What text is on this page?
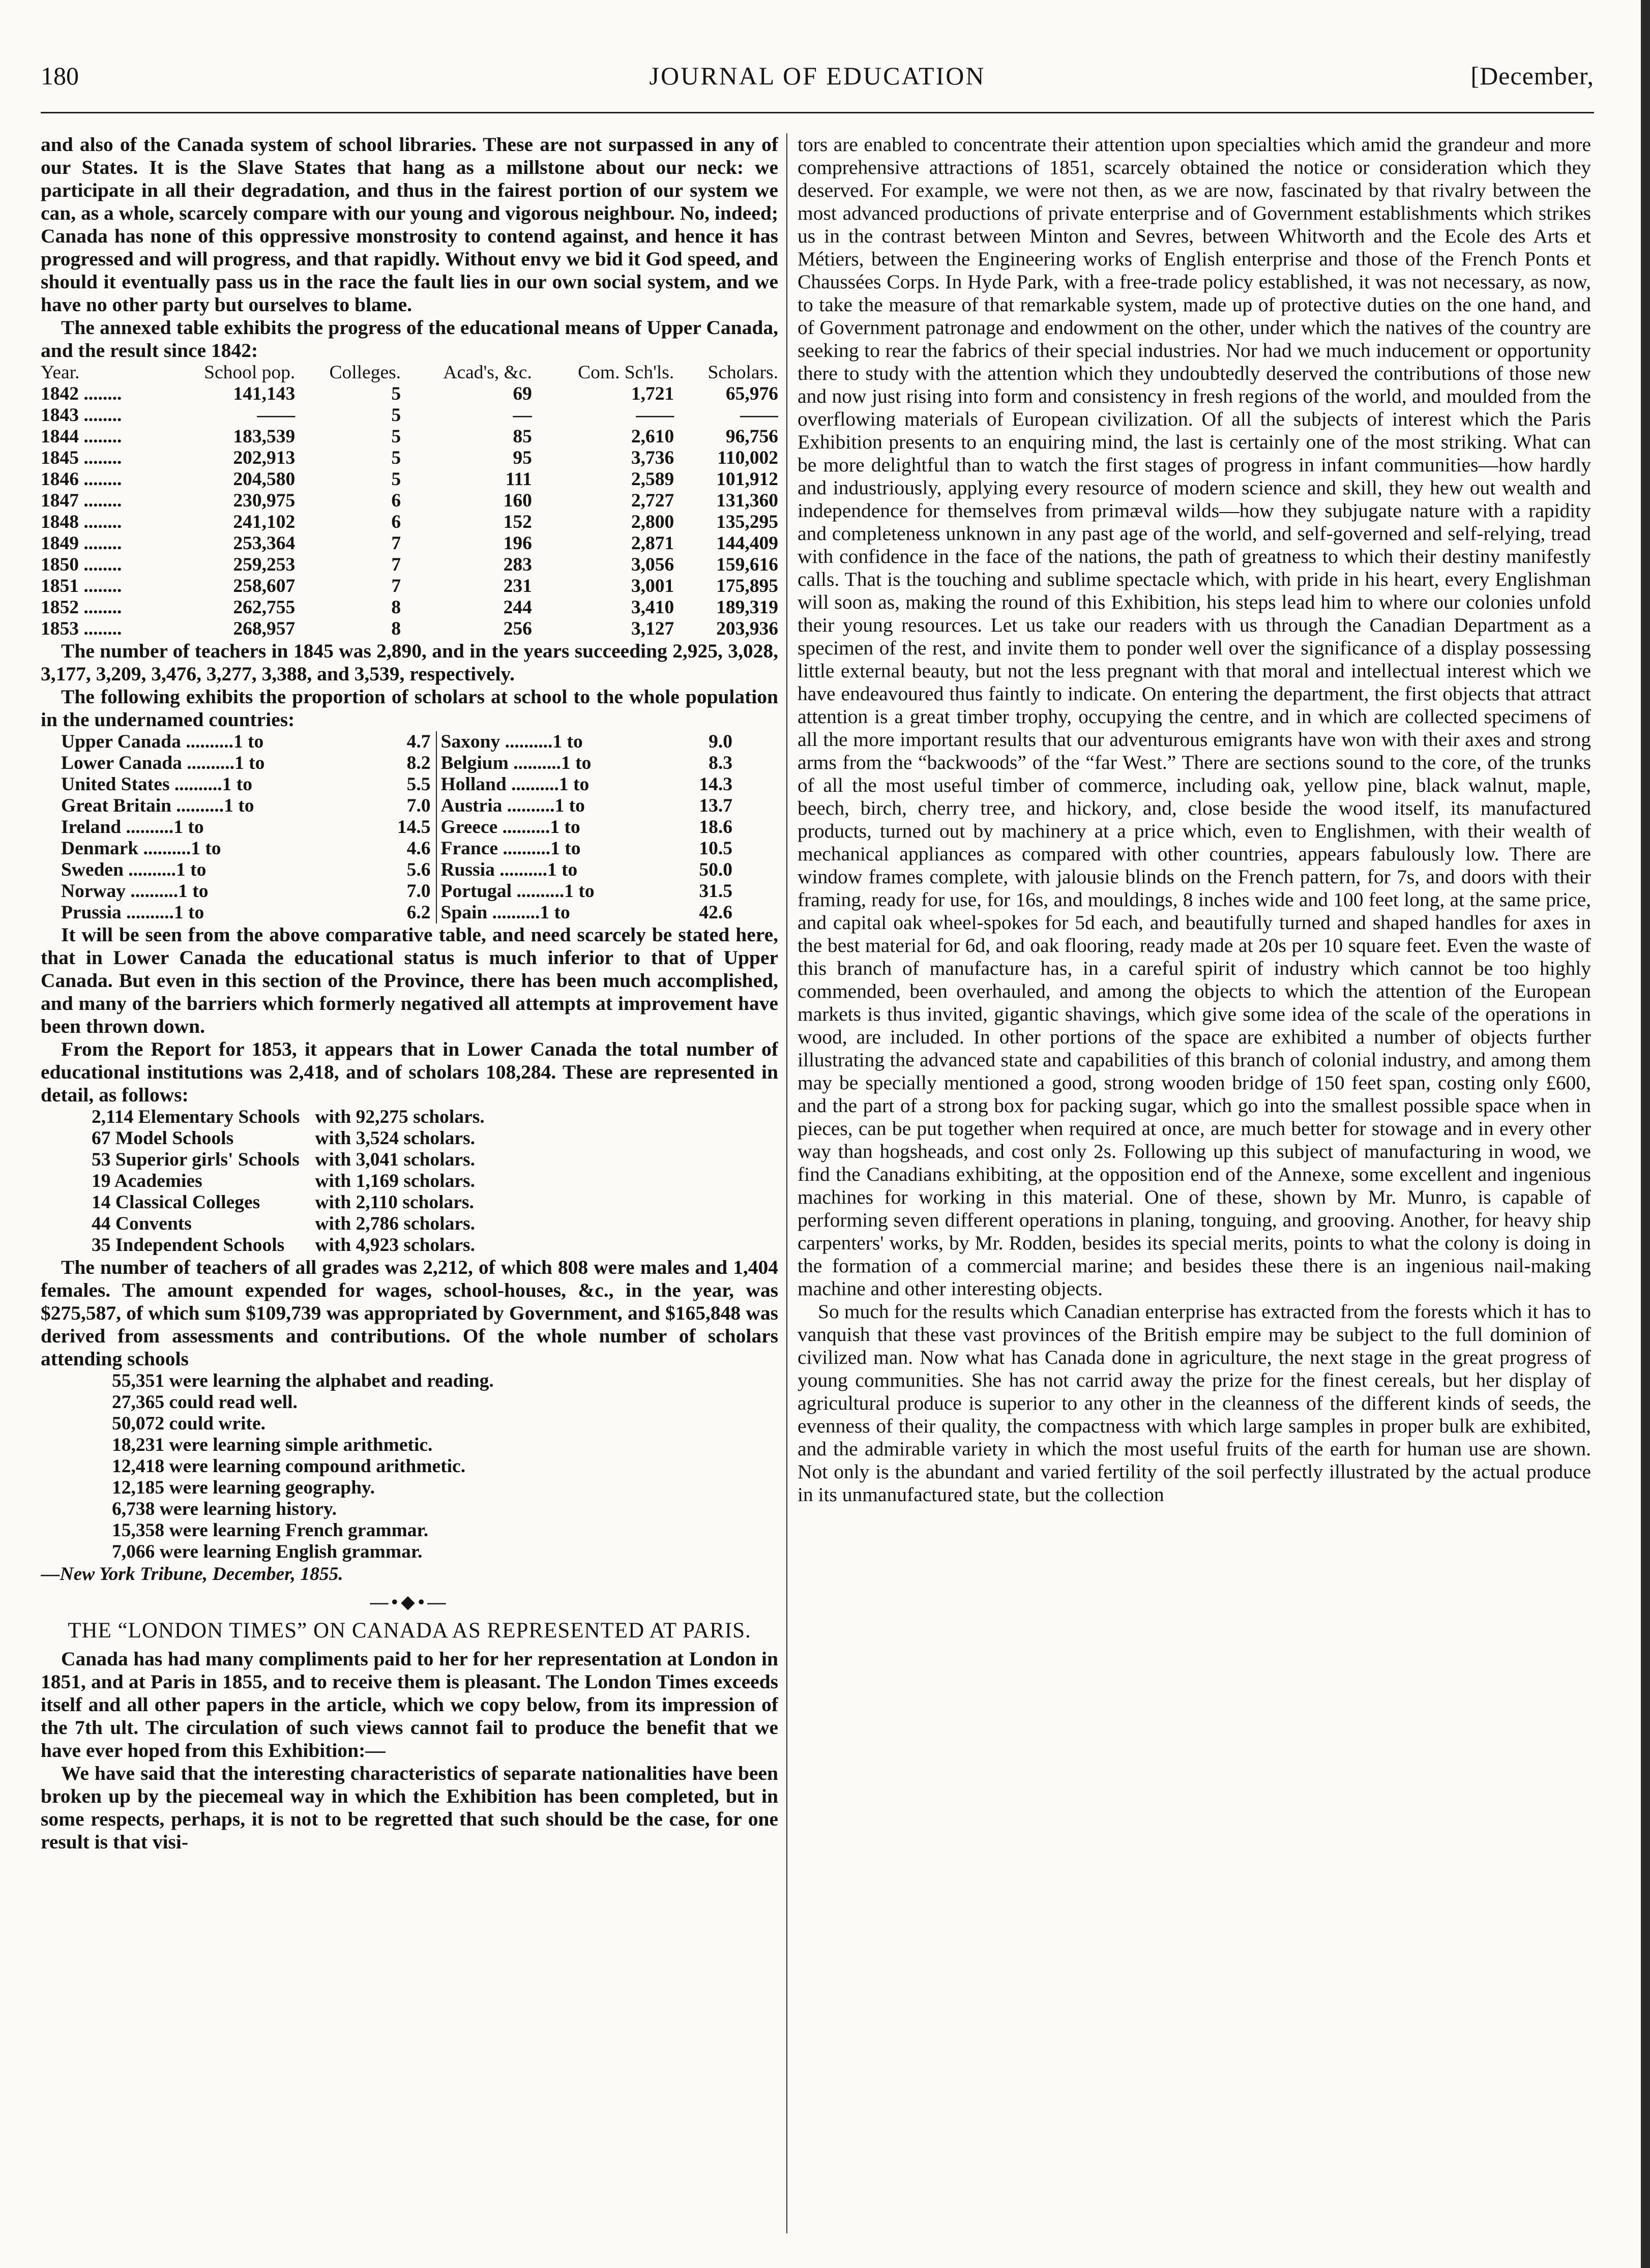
180	JOURNAL OF EDUCATION	[December,

and also of the Canada system of school libraries. These are not surpassed in any of our States. It is the Slave States that hang as a millstone about our neck: we participate in all their degradation, and thus in the fairest portion of our system we can, as a whole, scarcely compare with our young and vigorous neighbour. No, indeed; Canada has none of this oppressive monstrosity to contend against, and hence it has progressed and will progress, and that rapidly. Without envy we bid it God speed, and should it eventually pass us in the race the fault lies in our own social system, and we have no other party but ourselves to blame.

The annexed table exhibits the progress of the educational means of Upper Canada, and the result since 1842:

Year.	School pop.	Colleges.	Acad's, &c.	Com. Sch'ls.	Scholars.
1842 ........	141,143	5	69	1,721	65,976
1843 ........	——	5	—	——	——
1844 ........	183,539	5	85	2,610	96,756
1845 ........	202,913	5	95	3,736	110,002
1846 ........	204,580	5	111	2,589	101,912
1847 ........	230,975	6	160	2,727	131,360
1848 ........	241,102	6	152	2,800	135,295
1849 ........	253,364	7	196	2,871	144,409
1850 ........	259,253	7	283	3,056	159,616
1851 ........	258,607	7	231	3,001	175,895
1852 ........	262,755	8	244	3,410	189,319
1853 ........	268,957	8	256	3,127	203,936

The number of teachers in 1845 was 2,890, and in the years succeeding 2,925, 3,028, 3,177, 3,209, 3,476, 3,277, 3,388, and 3,539, respectively.

The following exhibits the proportion of scholars at school to the whole population in the undernamed countries:

Upper Canada ..........1 to	4.7	Saxony ..........1 to	9.0
Lower Canada ..........1 to	8.2	Belgium ..........1 to	8.3
United States ..........1 to	5.5	Holland ..........1 to	14.3
Great Britain ..........1 to	7.0	Austria ..........1 to	13.7
Ireland ..........1 to	14.5	Greece ..........1 to	18.6
Denmark ..........1 to	4.6	France ..........1 to	10.5
Sweden ..........1 to	5.6	Russia ..........1 to	50.0
Norway ..........1 to	7.0	Portugal ..........1 to	31.5
Prussia ..........1 to	6.2	Spain ..........1 to	42.6

It will be seen from the above comparative table, and need scarcely be stated here, that in Lower Canada the educational status is much inferior to that of Upper Canada. But even in this section of the Province, there has been much accomplished, and many of the barriers which formerly negatived all attempts at improvement have been thrown down.

From the Report for 1853, it appears that in Lower Canada the total number of educational institutions was 2,418, and of scholars 108,284. These are represented in detail, as follows:

2,114 Elementary Schools	with 92,275 scholars.
67 Model Schools	with 3,524 scholars.
53 Superior girls' Schools	with 3,041 scholars.
19 Academies	with 1,169 scholars.
14 Classical Colleges	with 2,110 scholars.
44 Convents	with 2,786 scholars.
35 Independent Schools	with 4,923 scholars.

The number of teachers of all grades was 2,212, of which 808 were males and 1,404 females. The amount expended for wages, school-houses, &c., in the year, was $275,587, of which sum $109,739 was appropriated by Government, and $165,848 was derived from assessments and contributions. Of the whole number of scholars attending schools

55,351 were learning the alphabet and reading.
27,365 could read well.
50,072 could write.
18,231 were learning simple arithmetic.
12,418 were learning compound arithmetic.
12,185 were learning geography.
6,738 were learning history.
15,358 were learning French grammar.
7,066 were learning English grammar.

—New York Tribune, December, 1855.

—•◆•—
THE “LONDON TIMES” ON CANADA AS REPRESENTED AT PARIS.

Canada has had many compliments paid to her for her representation at London in 1851, and at Paris in 1855, and to receive them is pleasant. The London Times exceeds itself and all other papers in the article, which we copy below, from its impression of the 7th ult. The circulation of such views cannot fail to produce the benefit that we have ever hoped from this Exhibition:—

We have said that the interesting characteristics of separate nationalities have been broken up by the piecemeal way in which the Exhibition has been completed, but in some respects, perhaps, it is not to be regretted that such should be the case, for one result is that visi-

tors are enabled to concentrate their attention upon specialties which amid the grandeur and more comprehensive attractions of 1851, scarcely obtained the notice or consideration which they deserved. For example, we were not then, as we are now, fascinated by that rivalry between the most advanced productions of private enterprise and of Government establishments which strikes us in the contrast between Minton and Sevres, between Whitworth and the Ecole des Arts et Métiers, between the Engineering works of English enterprise and those of the French Ponts et Chaussées Corps. In Hyde Park, with a free-trade policy established, it was not necessary, as now, to take the measure of that remarkable system, made up of protective duties on the one hand, and of Government patronage and endowment on the other, under which the natives of the country are seeking to rear the fabrics of their special industries. Nor had we much inducement or opportunity there to study with the attention which they undoubtedly deserved the contributions of those new and now just rising into form and consistency in fresh regions of the world, and moulded from the overflowing materials of European civilization. Of all the subjects of interest which the Paris Exhibition presents to an enquiring mind, the last is certainly one of the most striking. What can be more delightful than to watch the first stages of progress in infant communities—how hardly and industriously, applying every resource of modern science and skill, they hew out wealth and independence for themselves from primæval wilds—how they subjugate nature with a rapidity and completeness unknown in any past age of the world, and self-governed and self-relying, tread with confidence in the face of the nations, the path of greatness to which their destiny manifestly calls. That is the touching and sublime spectacle which, with pride in his heart, every Englishman will soon as, making the round of this Exhibition, his steps lead him to where our colonies unfold their young resources. Let us take our readers with us through the Canadian Department as a specimen of the rest, and invite them to ponder well over the significance of a display possessing little external beauty, but not the less pregnant with that moral and intellectual interest which we have endeavoured thus faintly to indicate. On entering the department, the first objects that attract attention is a great timber trophy, occupying the centre, and in which are collected specimens of all the more important results that our adventurous emigrants have won with their axes and strong arms from the “backwoods” of the “far West.” There are sections sound to the core, of the trunks of all the most useful timber of commerce, including oak, yellow pine, black walnut, maple, beech, birch, cherry tree, and hickory, and, close beside the wood itself, its manufactured products, turned out by machinery at a price which, even to Englishmen, with their wealth of mechanical appliances as compared with other countries, appears fabulously low. There are window frames complete, with jalousie blinds on the French pattern, for 7s, and doors with their framing, ready for use, for 16s, and mouldings, 8 inches wide and 100 feet long, at the same price, and capital oak wheel-spokes for 5d each, and beautifully turned and shaped handles for axes in the best material for 6d, and oak flooring, ready made at 20s per 10 square feet. Even the waste of this branch of manufacture has, in a careful spirit of industry which cannot be too highly commended, been overhauled, and among the objects to which the attention of the European markets is thus invited, gigantic shavings, which give some idea of the scale of the operations in wood, are included. In other portions of the space are exhibited a number of objects further illustrating the advanced state and capabilities of this branch of colonial industry, and among them may be specially mentioned a good, strong wooden bridge of 150 feet span, costing only £600, and the part of a strong box for packing sugar, which go into the smallest possible space when in pieces, can be put together when required at once, are much better for stowage and in every other way than hogsheads, and cost only 2s. Following up this subject of manufacturing in wood, we find the Canadians exhibiting, at the opposition end of the Annexe, some excellent and ingenious machines for working in this material. One of these, shown by Mr. Munro, is capable of performing seven different operations in planing, tonguing, and grooving. Another, for heavy ship carpenters' works, by Mr. Rodden, besides its special merits, points to what the colony is doing in the formation of a commercial marine; and besides these there is an ingenious nail-making machine and other interesting objects.

So much for the results which Canadian enterprise has extracted from the forests which it has to vanquish that these vast provinces of the British empire may be subject to the full dominion of civilized man. Now what has Canada done in agriculture, the next stage in the great progress of young communities. She has not carrid away the prize for the finest cereals, but her display of agricultural produce is superior to any other in the cleanness of the different kinds of seeds, the evenness of their quality, the compactness with which large samples in proper bulk are exhibited, and the admirable variety in which the most useful fruits of the earth for human use are shown. Not only is the abundant and varied fertility of the soil perfectly illustrated by the actual produce in its unmanufactured state, but the collection
